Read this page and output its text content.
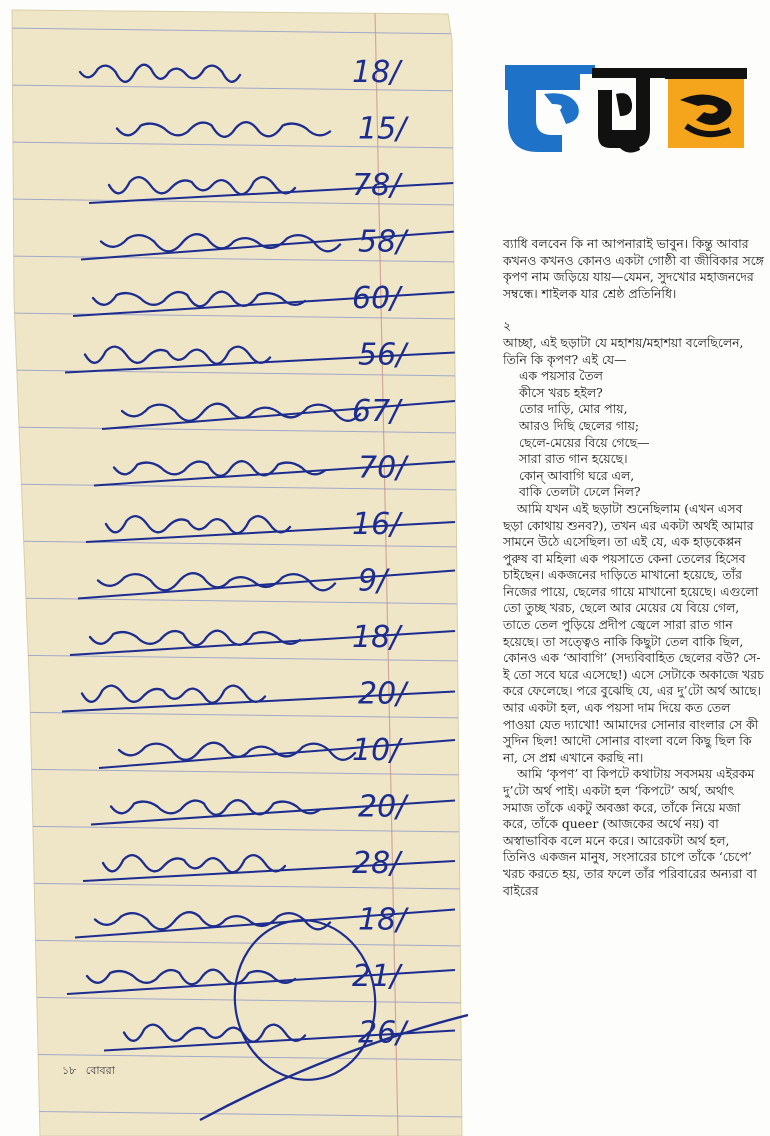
18/
15/
78/
58/
60/
56/
67/
70/
16/
9/
18/
20/
10/
20/
28/
18/
21/
26/
১৮ বোবরা

ব্যাধি বলবেন কি না আপনারাই ভাবুন। কিন্তু আবার কখনও কখনও কোনও একটা গোষ্ঠী বা জীবিকার সঙ্গে কৃপণ নাম জড়িয়ে যায়—যেমন, সুদখোর মহাজনদের সম্বন্ধে। শাইলক যার শ্রেষ্ঠ প্রতিনিধি।

২

আচ্ছা, এই ছড়াটা যে মহাশয়/মহাশয়া বলেছিলেন, তিনি কি কৃপণ? এই যে—

এক পয়সার তৈল
কীসে খরচ হইল?
তোর দাড়ি, মোর পায়,
আরও দিছি ছেলের গায়;
ছেলে-মেয়ের বিয়ে গেছে—
সারা রাত গান হয়েছে।
কোন্ আবাগি ঘরে এল,
বাকি তেলটা ঢেলে নিল?

আমি যখন এই ছড়াটা শুনেছিলাম (এখন এসব ছড়া কোথায় শুনব?), তখন এর একটা অর্থই আমার সামনে উঠে এসেছিল। তা এই যে, এক হাড়কেপ্পন পুরুষ বা মহিলা এক পয়সাতে কেনা তেলের হিসেব চাইছেন। একজনের দাড়িতে মাখানো হয়েছে, তাঁর নিজের পায়ে, ছেলের গায়ে মাখানো হয়েছে। এগুলো তো তুচ্ছ খরচ, ছেলে আর মেয়ের যে বিয়ে গেল, তাতে তেল পুড়িয়ে প্রদীপ জ্বেলে সারা রাত গান হয়েছে। তা সত্ত্বেও নাকি কিছুটা তেল বাকি ছিল, কোনও এক ‘আবাগি’ (সদ্যবিবাহিত ছেলের বউ? সে-ই তো সবে ঘরে এসেছে!) এসে সেটাকে অকাজে খরচ করে ফেলেছে। পরে বুঝেছি যে, এর দু’টো অর্থ আছে। আর একটা হল, এক পয়সা দাম দিয়ে কত তেল পাওয়া যেত দ্যাখো! আমাদের সোনার বাংলার সে কী সুদিন ছিল! আদৌ সোনার বাংলা বলে কিছু ছিল কি না, সে প্রশ্ন এখানে করছি না।

আমি ‘কৃপণ’ বা কিপটে কথাটায় সবসময় এইরকম দু’টো অর্থ পাই। একটা হল ‘কিপটে’ অর্থ, অর্থাৎ সমাজ তাঁকে একটু অবজ্ঞা করে, তাঁকে নিয়ে মজা করে, তাঁকে queer (আজকের অর্থে নয়) বা অস্বাভাবিক বলে মনে করে। আরেকটা অর্থ হল, তিনিও একজন মানুষ, সংসারের চাপে তাঁকে ‘চেপে’ খরচ করতে হয়, তার ফলে তাঁর পরিবারের অন্যরা বা বাইরের
